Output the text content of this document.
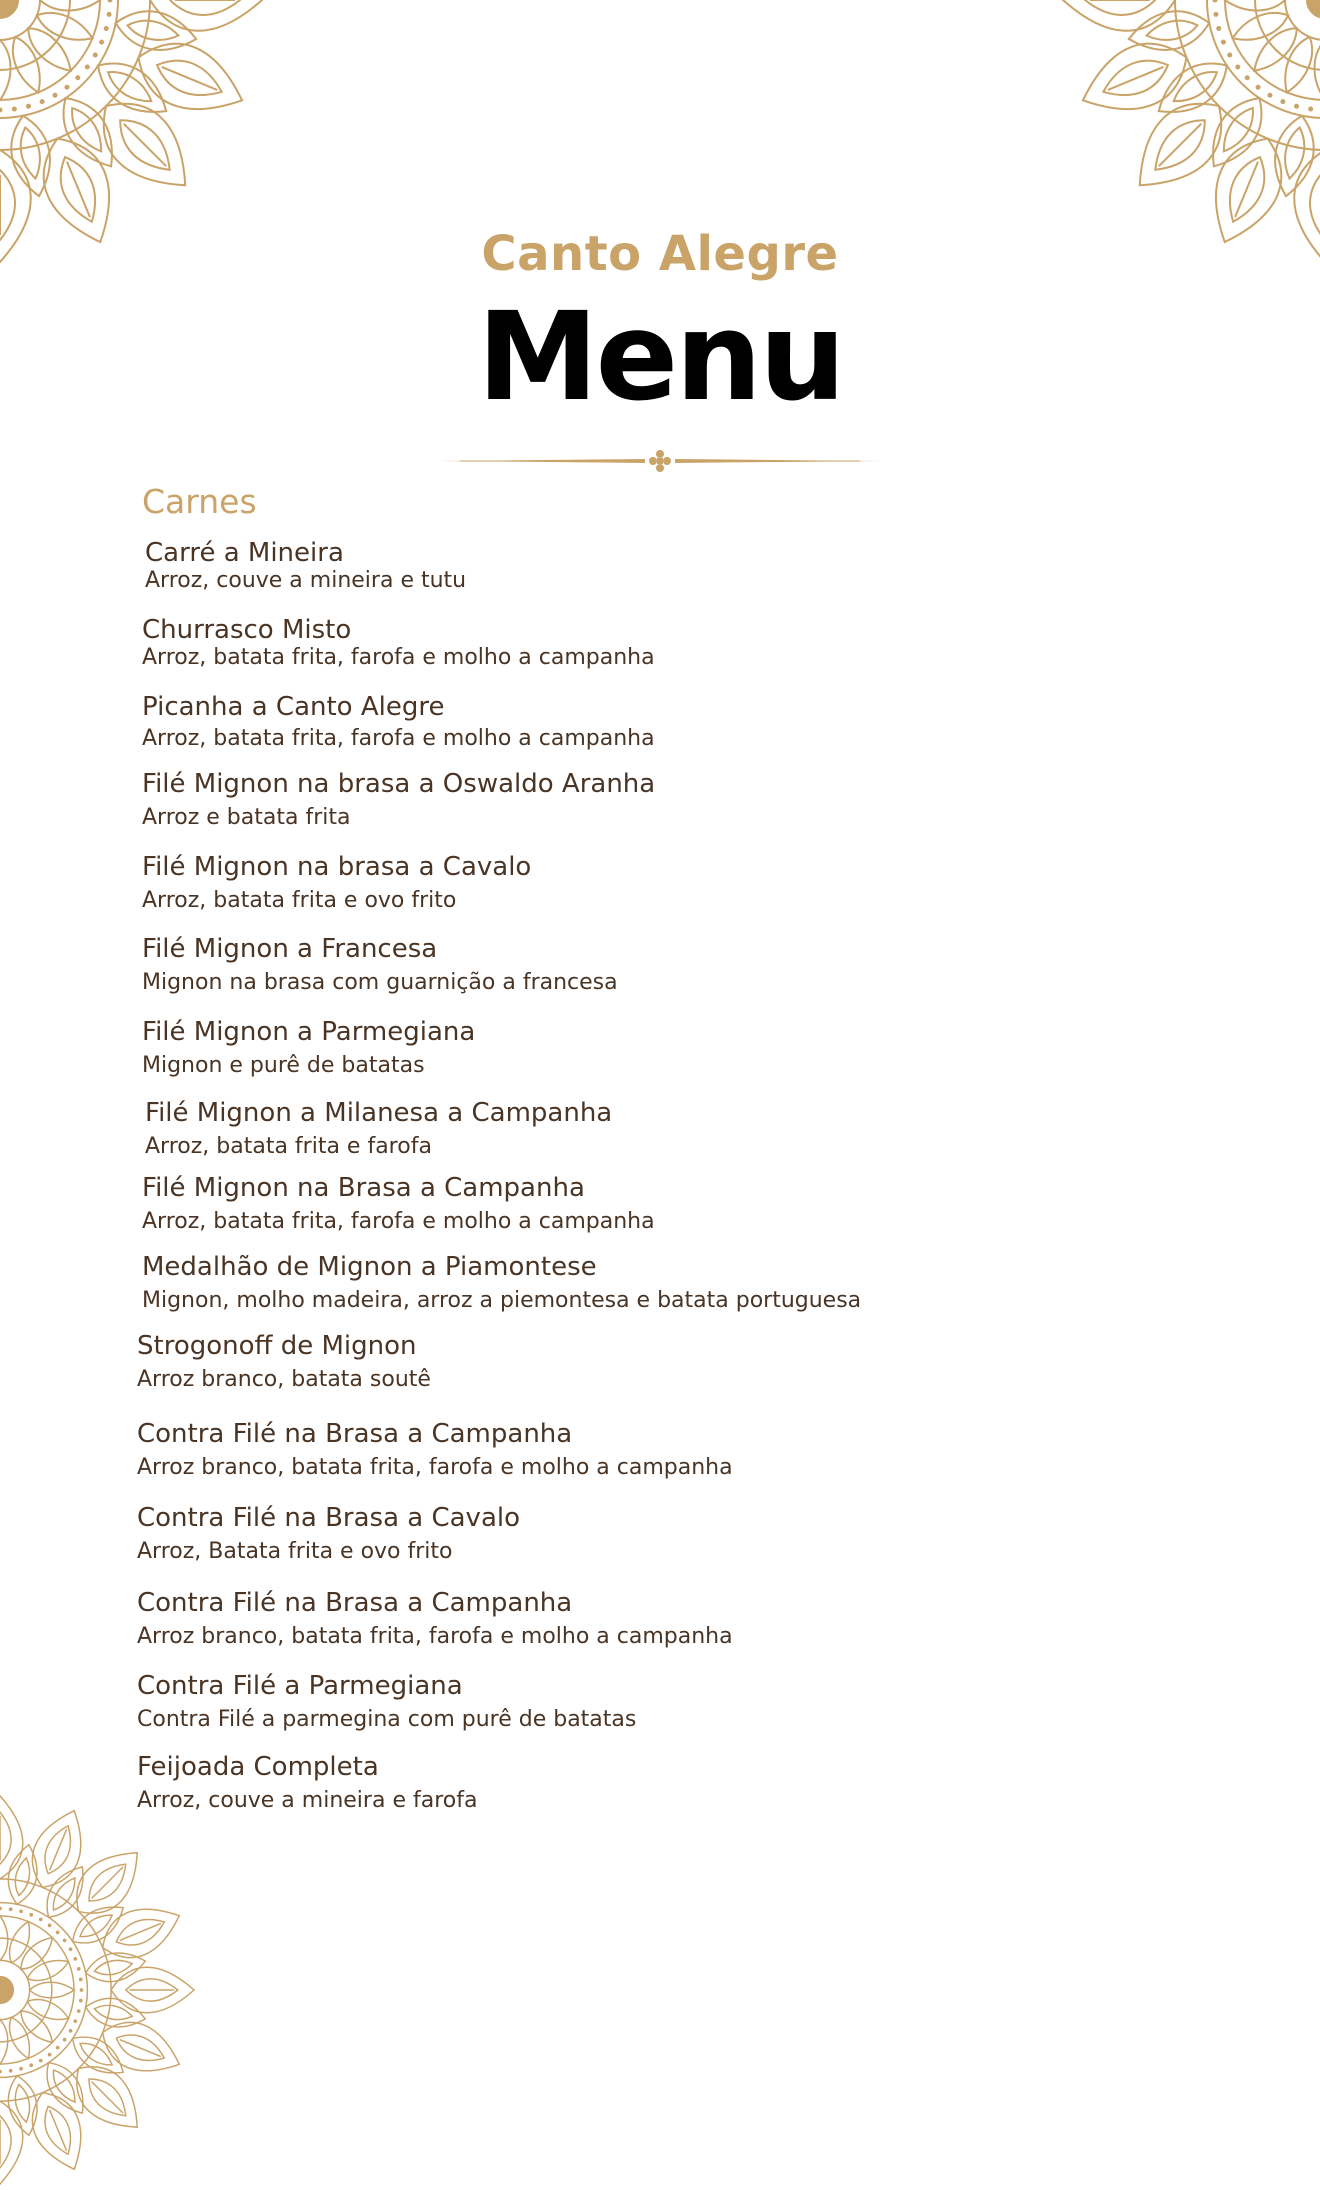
Canto Alegre
Menu
Carnes
Carré a Mineira
Arroz, couve a mineira e tutu
Churrasco Misto
Arroz, batata frita, farofa e molho a campanha
Picanha a Canto Alegre
Arroz, batata frita, farofa e molho a campanha
Filé Mignon na brasa a Oswaldo Aranha
Arroz e batata frita
Filé Mignon na brasa a Cavalo
Arroz, batata frita e ovo frito
Filé Mignon a Francesa
Mignon na brasa com guarnição a francesa
Filé Mignon a Parmegiana
Mignon e purê de batatas
Filé Mignon a Milanesa a Campanha
Arroz, batata frita e farofa
Filé Mignon na Brasa a Campanha
Arroz, batata frita, farofa e molho a campanha
Medalhão de Mignon a Piamontese
Mignon, molho madeira, arroz a piemontesa e batata portuguesa
Strogonoff de Mignon
Arroz branco, batata soutê
Contra Filé na Brasa a Campanha
Arroz branco, batata frita, farofa e molho a campanha
Contra Filé na Brasa a Cavalo
Arroz, Batata frita e ovo frito
Contra Filé na Brasa a Campanha
Arroz branco, batata frita, farofa e molho a campanha
Contra Filé a Parmegiana
Contra Filé a parmegina com purê de batatas
Feijoada Completa
Arroz, couve a mineira e farofa
